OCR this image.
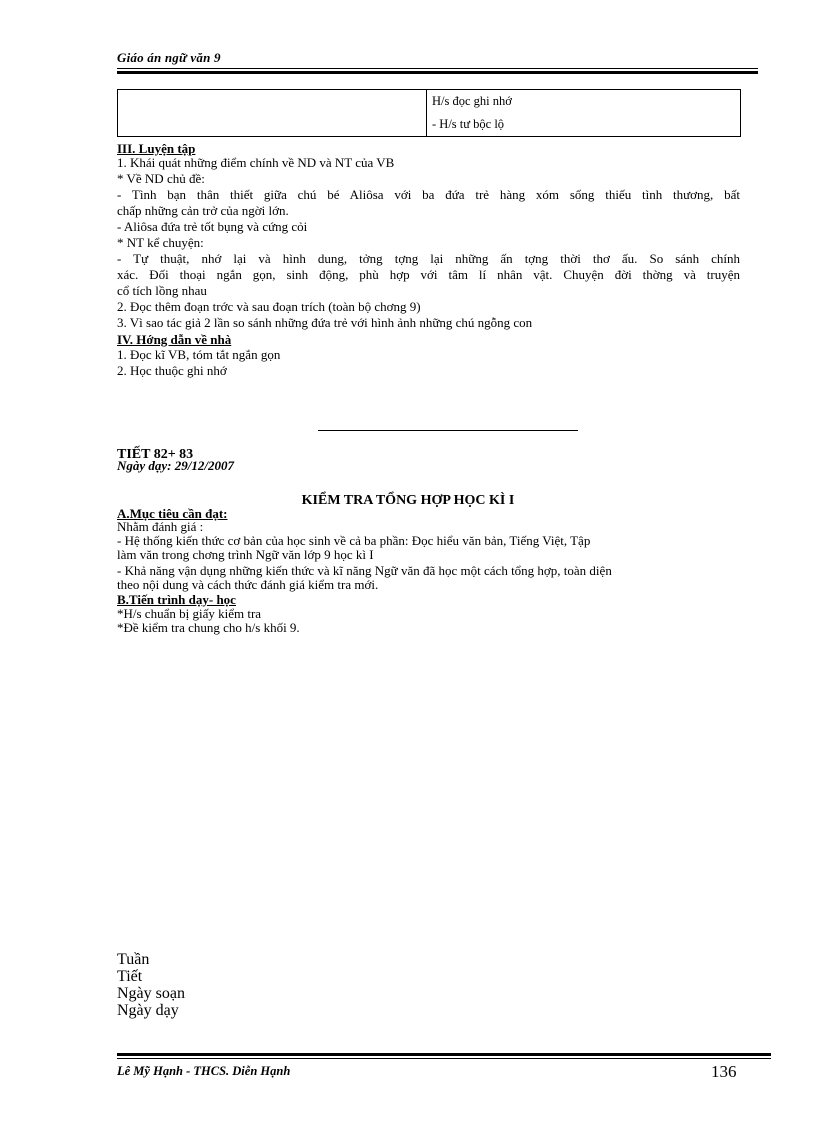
Giáo án ngữ văn 9
H/s đọc ghi nhớ
- H/s tư bộc lộ
III. Luyện tập
1. Khái quát những điểm chính về ND và NT của VB
* Về ND chủ đề:
- Tình bạn thân thiết giữa chú bé Aliôsa với ba đứa trẻ hàng xóm sống thiếu tình thương, bất
chấp những cản trở của ngời lớn.
- Aliôsa đứa trẻ tốt bụng và cứng cỏi
* NT kể chuyện:
- Tự thuật, nhớ lại và hình dung, tởng tợng lại những ấn tợng thời thơ ấu. So sánh chính
xác. Đối thoại ngắn gọn, sinh động, phù hợp với tâm lí nhân vật. Chuyện đời thờng và truyện
cổ tích lồng nhau
2. Đọc thêm đoạn trớc và sau đoạn trích (toàn bộ chơng 9)
3. Vì sao tác giả 2 lần so sánh những đứa trẻ với hình ảnh những chú ngỗng con
IV. Hớng dẫn về nhà
1. Đọc kĩ VB, tóm tắt ngắn gọn
2. Học thuộc ghi nhớ
TIẾT 82+ 83
Ngày dạy: 29/12/2007
KIỂM TRA TỔNG HỢP HỌC KÌ I
A.Mục tiêu cần đạt:
Nhằm đánh giá :
- Hệ thống kiến thức cơ bản của học sinh về cả ba phần: Đọc hiểu văn bản, Tiếng Việt, Tập
làm văn trong chơng trình Ngữ văn lớp 9 học kì I
- Khả năng vận dụng những kiến thức và kĩ năng Ngữ văn đã học một cách tổng hợp, toàn diện
theo nội dung và cách thức đánh giá kiểm tra mới.
B.Tiến trình dạy- học
*H/s chuẩn bị giấy kiểm tra
*Đề kiểm tra chung cho h/s khối 9.
Tuần
Tiết
Ngày soạn
Ngày dạy
Lê Mỹ Hạnh - THCS. Diễn Hạnh	136
